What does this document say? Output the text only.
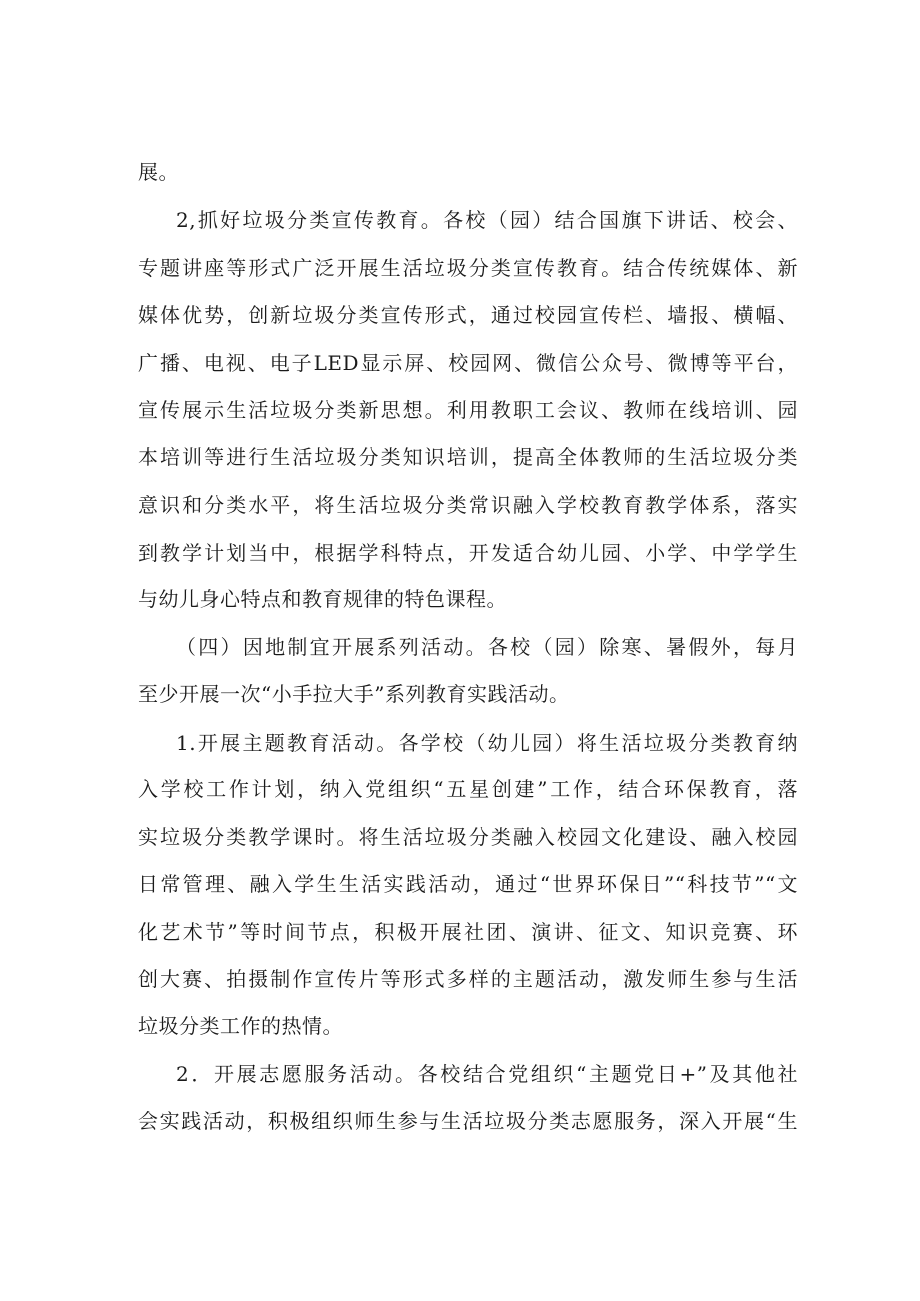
展。
2,抓好垃圾分类宣传教育。各校（园）结合国旗下讲话、校会、
专题讲座等形式广泛开展生活垃圾分类宣传教育。结合传统媒体、新
媒体优势，创新垃圾分类宣传形式，通过校园宣传栏、墙报、横幅、
广播、电视、电子LED显示屏、校园网、微信公众号、微博等平台，
宣传展示生活垃圾分类新思想。利用教职工会议、教师在线培训、园
本培训等进行生活垃圾分类知识培训，提高全体教师的生活垃圾分类
意识和分类水平，将生活垃圾分类常识融入学校教育教学体系，落实
到教学计划当中，根据学科特点，开发适合幼儿园、小学、中学学生
与幼儿身心特点和教育规律的特色课程。
（四）因地制宜开展系列活动。各校（园）除寒、暑假外，每月
至少开展一次“小手拉大手”系列教育实践活动。
1.开展主题教育活动。各学校（幼儿园）将生活垃圾分类教育纳
入学校工作计划，纳入党组织“五星创建”工作，结合环保教育，落
实垃圾分类教学课时。将生活垃圾分类融入校园文化建设、融入校园
日常管理、融入学生生活实践活动，通过“世界环保日”“科技节”“文
化艺术节”等时间节点，积极开展社团、演讲、征文、知识竞赛、环
创大赛、拍摄制作宣传片等形式多样的主题活动，激发师生参与生活
垃圾分类工作的热情。
2．开展志愿服务活动。各校结合党组织“主题党日+”及其他社
会实践活动，积极组织师生参与生活垃圾分类志愿服务，深入开展“生
